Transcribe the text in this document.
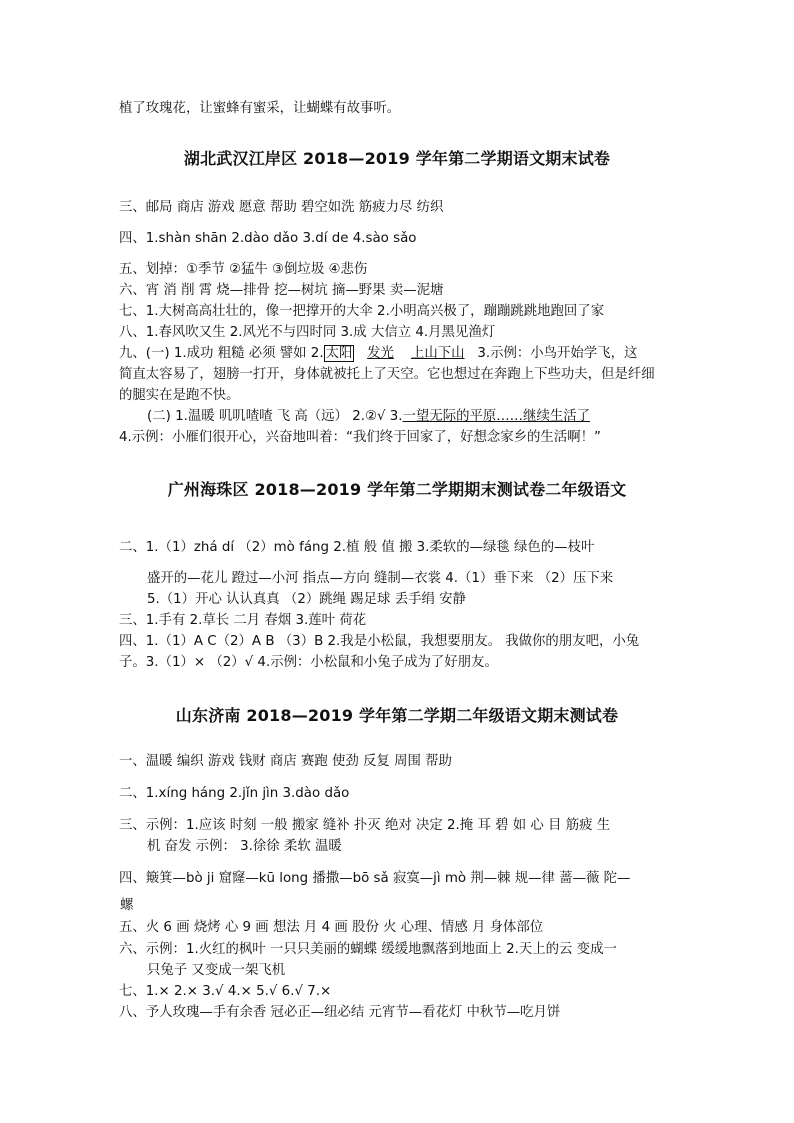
植了玫瑰花，让蜜蜂有蜜采，让蝴蝶有故事听。
湖北武汉江岸区 2018—2019 学年第二学期语文期末试卷
三、邮局 商店 游戏 愿意 帮助 碧空如洗 筋疲力尽 纺织
四、1.shàn shān 2.dào dǎo 3.dí de 4.sào sǎo
五、划掉：①季节 ②猛牛 ③倒垃圾 ④悲伤
六、宵 消 削 霄 烧—排骨 挖—树坑 摘—野果 卖—泥塘
七、1.大树高高壮壮的，像一把撑开的大伞 2.小明高兴极了，蹦蹦跳跳地跑回了家
八、1.春风吹又生 2.风光不与四时同 3.成 大信立 4.月黑见渔灯
九、(一) 1.成功 粗糙 必须 譬如 2. 太阳 发光 上山下山 3.示例：小鸟开始学飞，这
简直太容易了，翅膀一打开，身体就被托上了天空。它也想过在奔跑上下些功夫，但是纤细
的腿实在是跑不快。
(二) 1.温暖 叽叽喳喳 飞 高（远） 2.②√ 3.一望无际的平原……继续生活了
4.示例：小雁们很开心，兴奋地叫着：“我们终于回家了，好想念家乡的生活啊！”
广州海珠区 2018—2019 学年第二学期期末测试卷二年级语文
二、1.（1）zhá dí （2）mò fáng 2.植 般 值 搬 3.柔软的—绿毯 绿色的—枝叶
盛开的—花儿 蹬过—小河 指点—方向 缝制—衣裳 4.（1）垂下来 （2）压下来
5.（1）开心 认认真真 （2）跳绳 踢足球 丢手绢 安静
三、1.手有 2.草长 二月 春烟 3.莲叶 荷花
四、1.（1）A C（2）A B （3）B 2.我是小松鼠，我想要朋友。 我做你的朋友吧，小兔
子。3.（1）× （2）√ 4.示例：小松鼠和小兔子成为了好朋友。
山东济南 2018—2019 学年第二学期二年级语文期末测试卷
一、温暖 编织 游戏 钱财 商店 赛跑 使劲 反复 周围 帮助
二、1.xíng háng 2.jǐn jìn 3.dào dǎo
三、示例：1.应该 时刻 一般 搬家 缝补 扑灭 绝对 决定 2.掩 耳 碧 如 心 目 筋疲 生
机 奋发 示例： 3.徐徐 柔软 温暖
四、簸箕—bò ji 窟窿—kū long 播撒—bō sǎ 寂寞—jì mò 荆—棘 规—律 蔷—薇 陀—
螺
五、火 6 画 烧烤 心 9 画 想法 月 4 画 股份 火 心理、情感 月 身体部位
六、示例：1.火红的枫叶 一只只美丽的蝴蝶 缓缓地飘落到地面上 2.天上的云 变成一
只兔子 又变成一架飞机
七、1.× 2.× 3.√ 4.× 5.√ 6.√ 7.×
八、予人玫瑰—手有余香 冠必正—纽必结 元宵节—看花灯 中秋节—吃月饼
